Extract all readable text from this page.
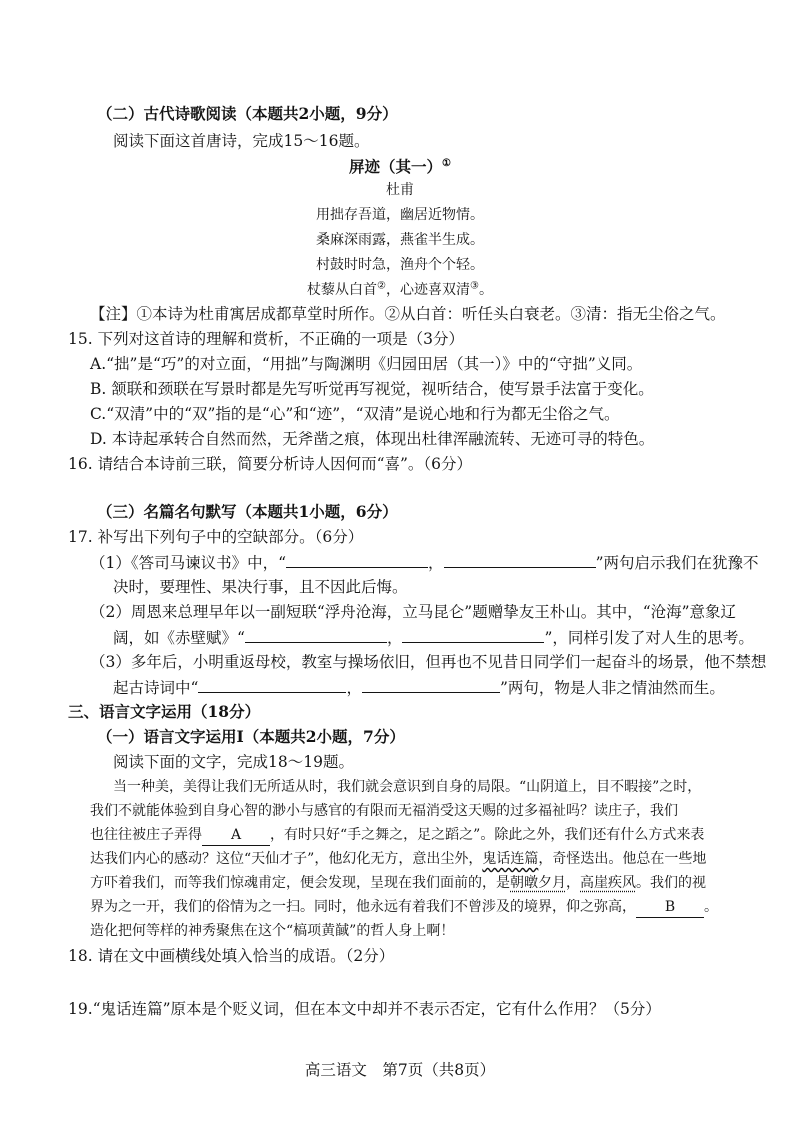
（二）古代诗歌阅读（本题共2小题，9分）
阅读下面这首唐诗，完成15～16题。
屏迹（其一）①
杜甫
用拙存吾道，幽居近物情。
桑麻深雨露，燕雀半生成。
村鼓时时急，渔舟个个轻。
杖藜从白首②，心迹喜双清③。
【注】①本诗为杜甫寓居成都草堂时所作。②从白首：听任头白衰老。③清：指无尘俗之气。
15. 下列对这首诗的理解和赏析，不正确的一项是（3分）
A.“拙”是“巧”的对立面，“用拙”与陶渊明《归园田居（其一）》中的“守拙”义同。
B. 颔联和颈联在写景时都是先写听觉再写视觉，视听结合，使写景手法富于变化。
C.“双清”中的“双”指的是“心”和“迹”，“双清”是说心地和行为都无尘俗之气。
D. 本诗起承转合自然而然，无斧凿之痕，体现出杜律浑融流转、无迹可寻的特色。
16. 请结合本诗前三联，简要分析诗人因何而“喜”。（6分）
（三）名篇名句默写（本题共1小题，6分）
17. 补写出下列句子中的空缺部分。（6分）
（1）《答司马谏议书》中，“	，	”两句启示我们在犹豫不
决时，要理性、果决行事，且不因此后悔。
（2）周恩来总理早年以一副短联“浮舟沧海，立马昆仑”题赠挚友王朴山。其中，“沧海”意象辽
阔，如《赤壁赋》“	，	”，同样引发了对人生的思考。
（3）多年后，小明重返母校，教室与操场依旧，但再也不见昔日同学们一起奋斗的场景，他不禁想
起古诗词中“	，	”两句，物是人非之情油然而生。
三、语言文字运用（18分）
（一）语言文字运用Ⅰ（本题共2小题，7分）
阅读下面的文字，完成18～19题。
当一种美，美得让我们无所适从时，我们就会意识到自身的局限。“山阴道上，目不暇接”之时，
我们不就能体验到自身心智的渺小与感官的有限而无福消受这天赐的过多福祉吗？读庄子，我们
也往往被庄子弄得 A ，有时只好“手之舞之，足之蹈之”。除此之外，我们还有什么方式来表
达我们内心的感动？这位“天仙才子”，他幻化无方，意出尘外，鬼话连篇，奇怪迭出。他总在一些地
方吓着我们，而等我们惊魂甫定，便会发现，呈现在我们面前的，是朝暾夕月，高崖疾风。我们的视
界为之一开，我们的俗情为之一扫。同时，他永远有着我们不曾涉及的境界，仰之弥高， B 。
造化把何等样的神秀聚焦在这个“槁项黄馘”的哲人身上啊！
18. 请在文中画横线处填入恰当的成语。（2分）
19.“鬼话连篇”原本是个贬义词，但在本文中却并不表示否定，它有什么作用？（5分）
高三语文　第7页（共8页）
